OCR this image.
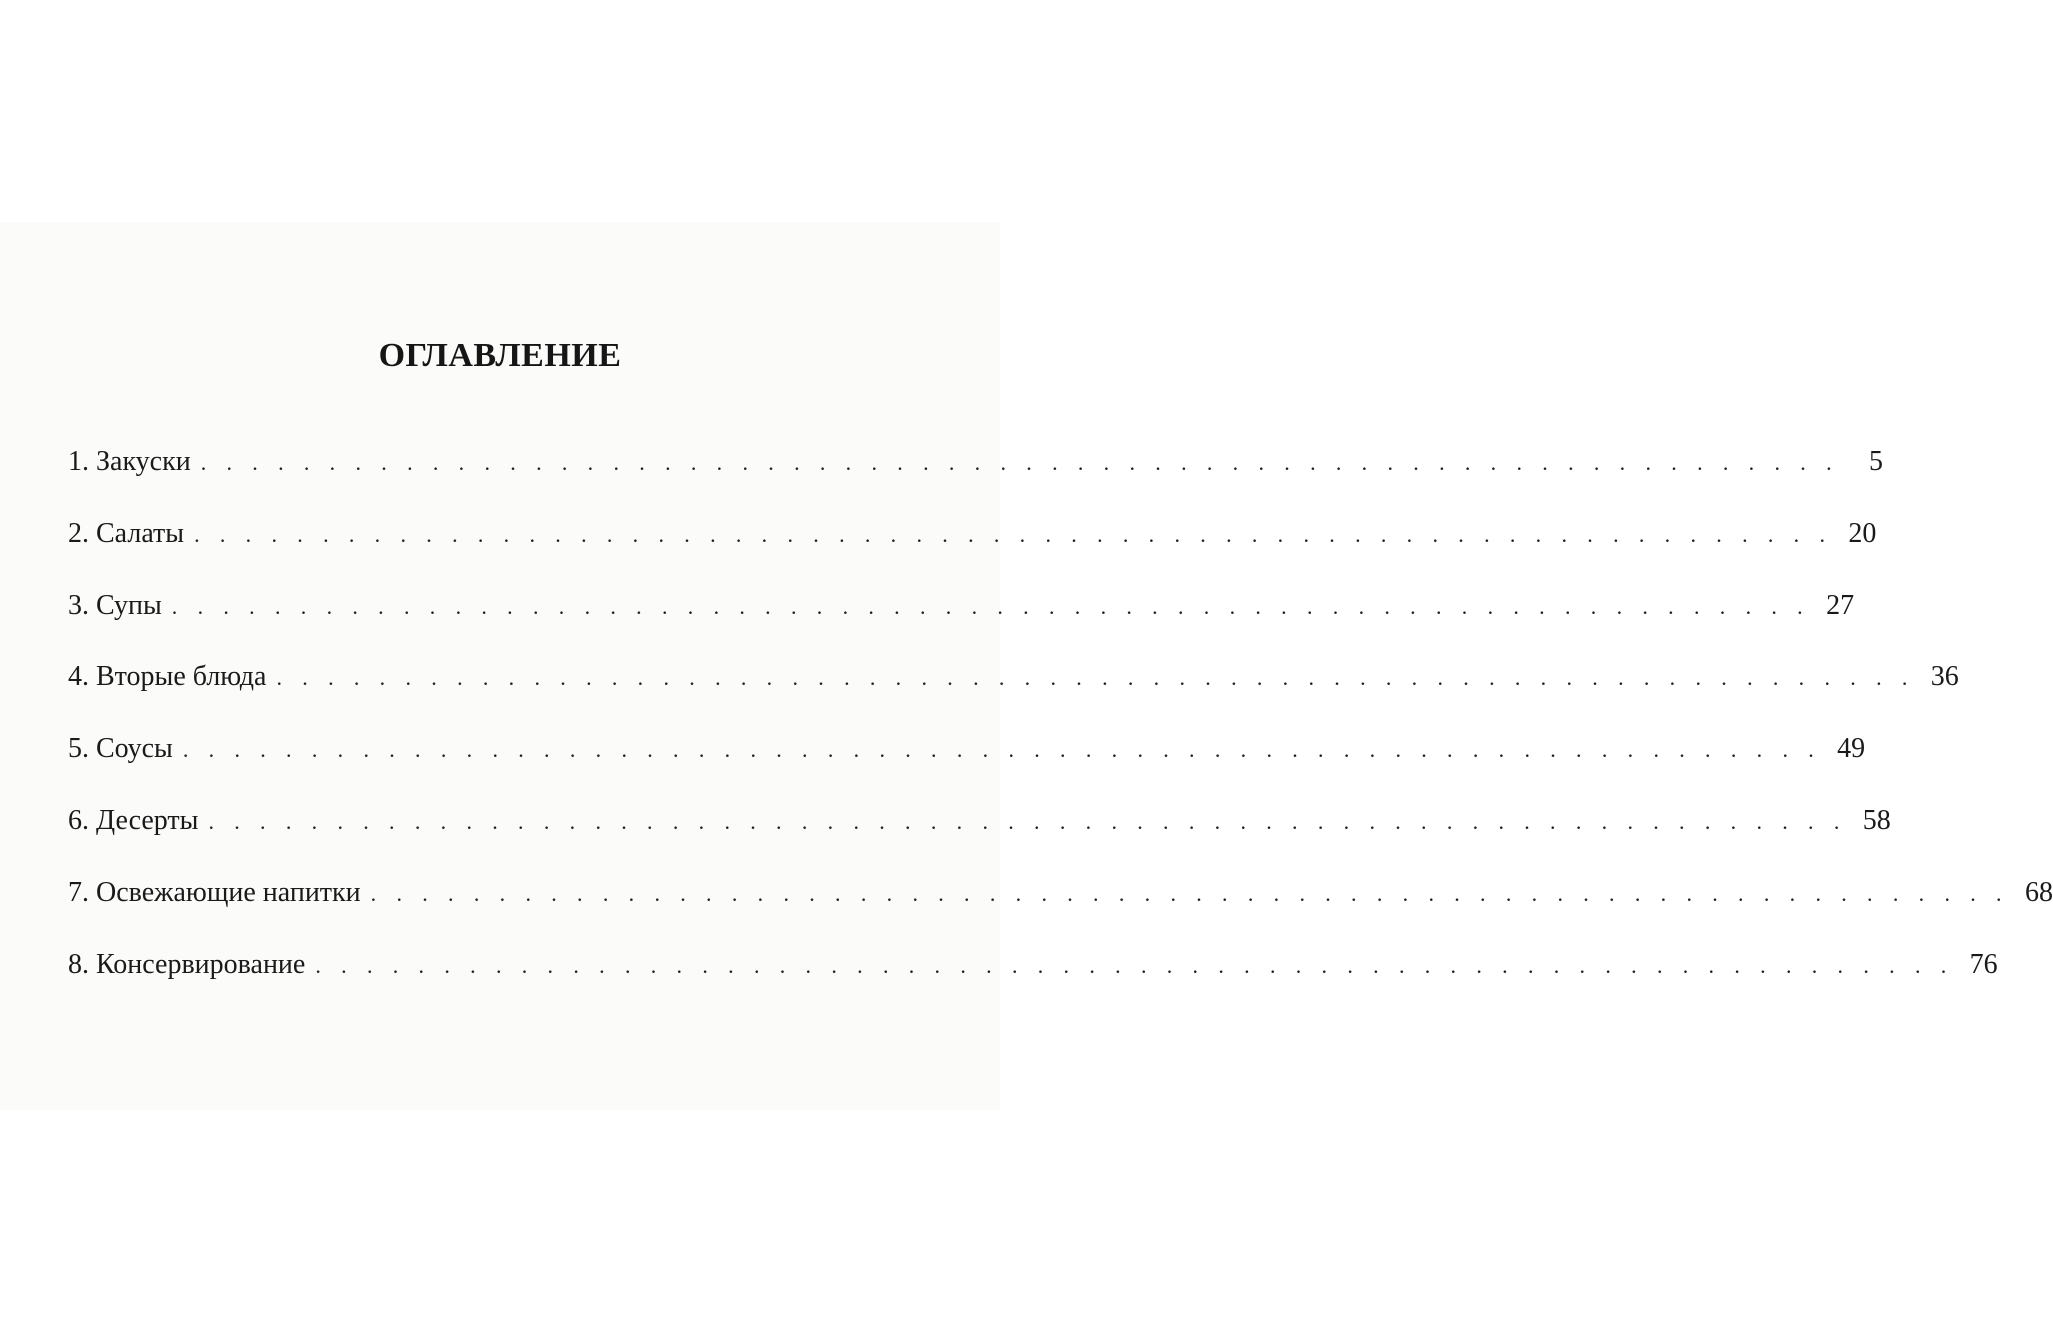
ОГЛАВЛЕНИЕ
1. Закуски . . . . . . . . . . . . . . . . . . . . . . . . . . . . . . . . . . . . . . . . . . . . . . . . . . . . . . . . . . . . . . . .	5
2. Салаты . . . . . . . . . . . . . . . . . . . . . . . . . . . . . . . . . . . . . . . . . . . . . . . . . . . . . . . . . . . . . . . . 20
3. Супы . . . . . . . . . . . . . . . . . . . . . . . . . . . . . . . . . . . . . . . . . . . . . . . . . . . . . . . . . . . . . . . . 27
4. Вторые блюда . . . . . . . . . . . . . . . . . . . . . . . . . . . . . . . . . . . . . . . . . . . . . . . . . . . . . . . . . . . . . . . . 36
5. Соусы . . . . . . . . . . . . . . . . . . . . . . . . . . . . . . . . . . . . . . . . . . . . . . . . . . . . . . . . . . . . . . . . 49
6. Десерты . . . . . . . . . . . . . . . . . . . . . . . . . . . . . . . . . . . . . . . . . . . . . . . . . . . . . . . . . . . . . . . . 58
7. Освежающие напитки . . . . . . . . . . . . . . . . . . . . . . . . . . . . . . . . . . . . . . . . . . . . . . . . . . . . . . . . . . . . . . . . 68
8. Консервирование . . . . . . . . . . . . . . . . . . . . . . . . . . . . . . . . . . . . . . . . . . . . . . . . . . . . . . . . . . . . . . . . 76
